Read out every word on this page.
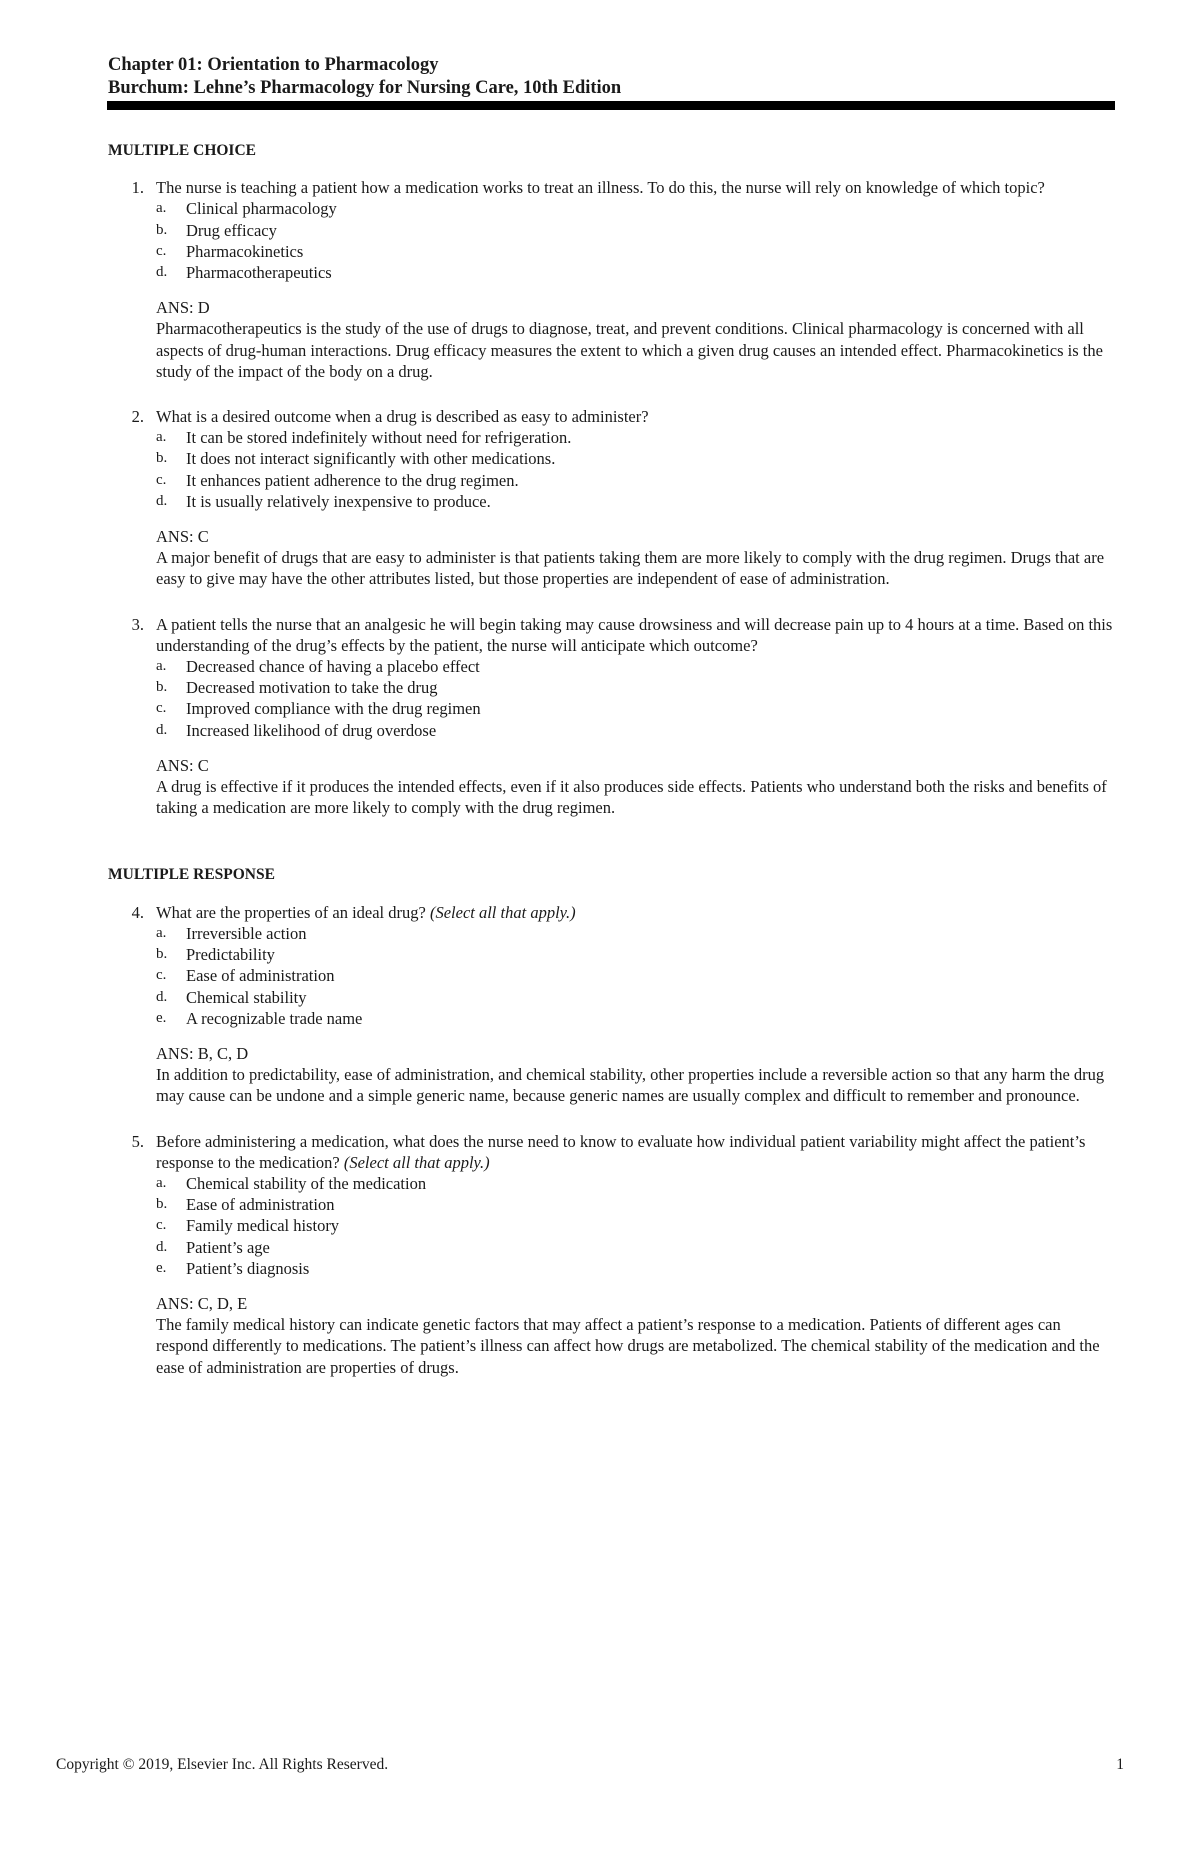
Chapter 01: Orientation to Pharmacology
Burchum: Lehne’s Pharmacology for Nursing Care, 10th Edition
MULTIPLE CHOICE
1. The nurse is teaching a patient how a medication works to treat an illness. To do this, the nurse will rely on knowledge of which topic?

a.	Clinical pharmacology
b.	Drug efficacy
c.	Pharmacokinetics
d.	Pharmacotherapeutics
ANS: D

Pharmacotherapeutics is the study of the use of drugs to diagnose, treat, and prevent conditions. Clinical pharmacology is concerned with all aspects of drug-human interactions. Drug efficacy measures the extent to which a given drug causes an intended effect. Pharmacokinetics is the study of the impact of the body on a drug.

2. What is a desired outcome when a drug is described as easy to administer?

a.	It can be stored indefinitely without need for refrigeration.
b.	It does not interact significantly with other medications.
c.	It enhances patient adherence to the drug regimen.
d.	It is usually relatively inexpensive to produce.
ANS: C

A major benefit of drugs that are easy to administer is that patients taking them are more likely to comply with the drug regimen. Drugs that are easy to give may have the other attributes listed, but those properties are independent of ease of administration.

3. A patient tells the nurse that an analgesic he will begin taking may cause drowsiness and will decrease pain up to 4 hours at a time. Based on this understanding of the drug’s effects by the patient, the nurse will anticipate which outcome?

a.	Decreased chance of having a placebo effect
b.	Decreased motivation to take the drug
c.	Improved compliance with the drug regimen
d.	Increased likelihood of drug overdose
ANS: C

A drug is effective if it produces the intended effects, even if it also produces side effects. Patients who understand both the risks and benefits of taking a medication are more likely to comply with the drug regimen.

MULTIPLE RESPONSE
4. What are the properties of an ideal drug? (Select all that apply.)

a.	Irreversible action
b.	Predictability
c.	Ease of administration
d.	Chemical stability
e.	A recognizable trade name
ANS: B, C, D

In addition to predictability, ease of administration, and chemical stability, other properties include a reversible action so that any harm the drug may cause can be undone and a simple generic name, because generic names are usually complex and difficult to remember and pronounce.

5. Before administering a medication, what does the nurse need to know to evaluate how individual patient variability might affect the patient’s response to the medication? (Select all that apply.)

a.	Chemical stability of the medication
b.	Ease of administration
c.	Family medical history
d.	Patient’s age
e.	Patient’s diagnosis
ANS: C, D, E

The family medical history can indicate genetic factors that may affect a patient’s response to a medication. Patients of different ages can respond differently to medications. The patient’s illness can affect how drugs are metabolized. The chemical stability of the medication and the ease of administration are properties of drugs.

Copyright © 2019, Elsevier Inc. All Rights Reserved.	1
